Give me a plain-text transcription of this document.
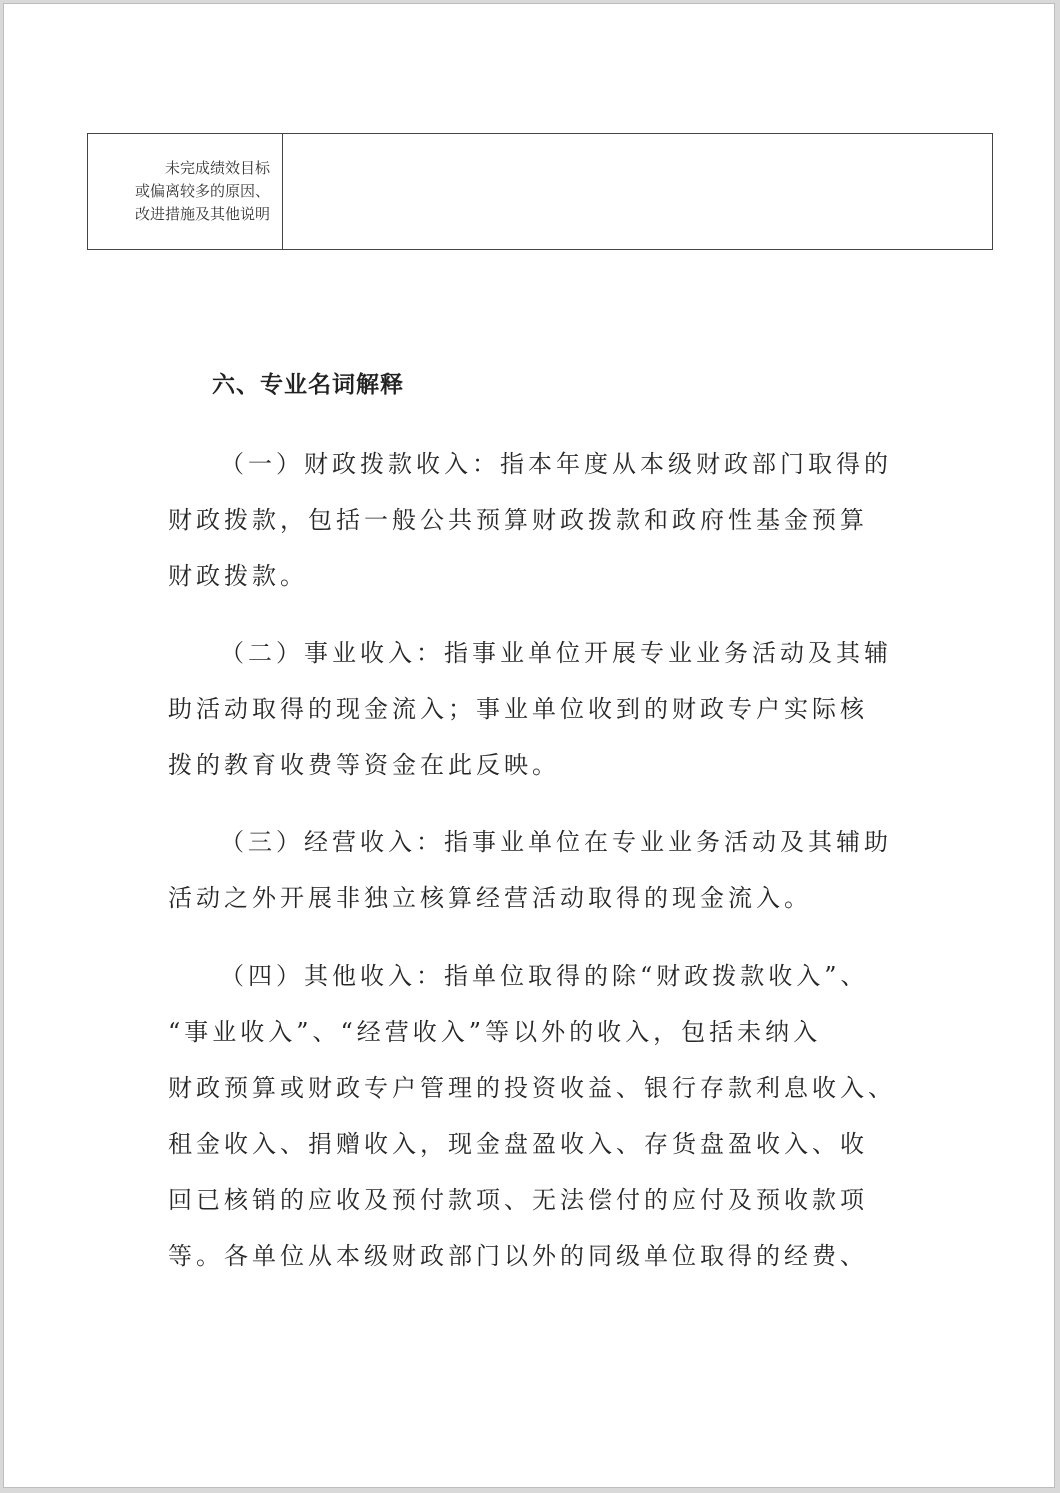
未完成绩效目标
或偏离较多的原因、
改进措施及其他说明

六、专业名词解释

（一）财政拨款收入：指本年度从本级财政部门取得的
财政拨款，包括一般公共预算财政拨款和政府性基金预算
财政拨款。

（二）事业收入：指事业单位开展专业业务活动及其辅
助活动取得的现金流入；事业单位收到的财政专户实际核
拨的教育收费等资金在此反映。

（三）经营收入：指事业单位在专业业务活动及其辅助
活动之外开展非独立核算经营活动取得的现金流入。

（四）其他收入：指单位取得的除“财政拨款收入”、
“事业收入”、“经营收入”等以外的收入，包括未纳入
财政预算或财政专户管理的投资收益、银行存款利息收入、
租金收入、捐赠收入，现金盘盈收入、存货盘盈收入、收
回已核销的应收及预付款项、无法偿付的应付及预收款项
等。各单位从本级财政部门以外的同级单位取得的经费、
